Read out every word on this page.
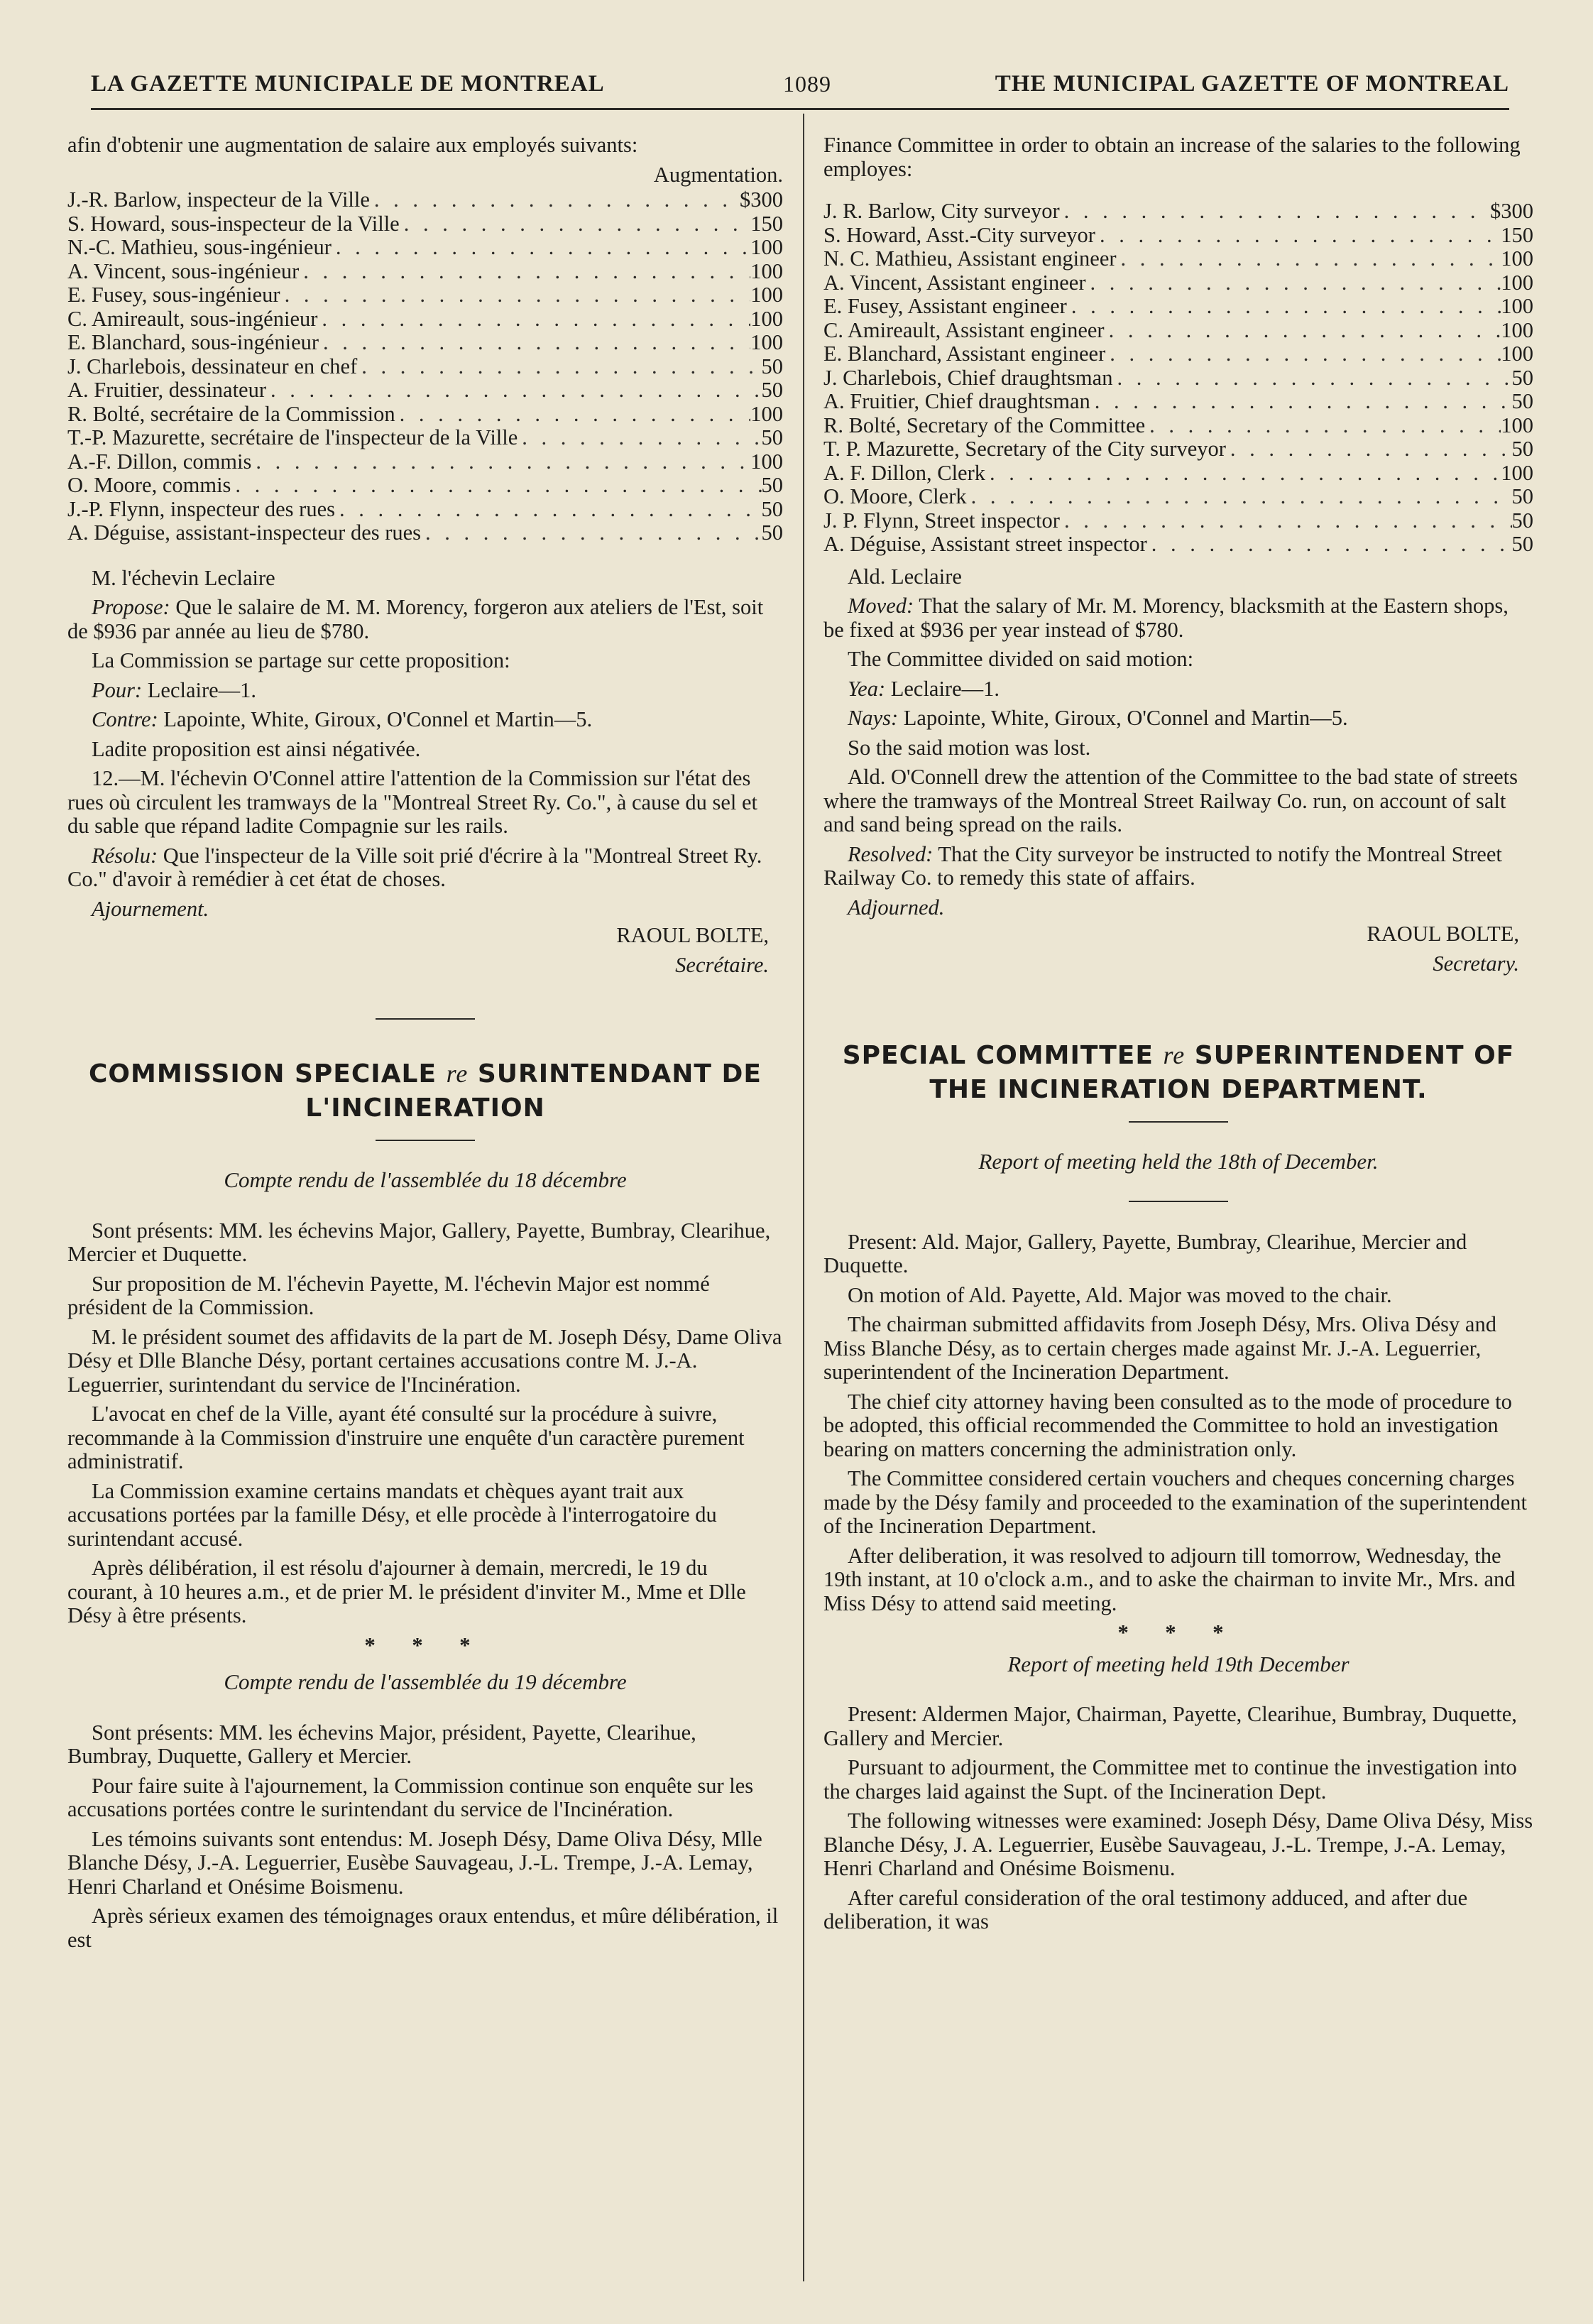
LA GAZETTE MUNICIPALE DE MONTREAL	1089	THE MUNICIPAL GAZETTE OF MONTREAL

afin d'obtenir une augmentation de salaire aux employés suivants:

Augmentation.

J.-R. Barlow, inspecteur de la Ville . . .	$300
S. Howard, sous-inspecteur de la Ville . . .	150
N.-C. Mathieu, sous-ingénieur . . .	100
A. Vincent, sous-ingénieur . . .	100
E. Fusey, sous-ingénieur . . .	100
C. Amireault, sous-ingénieur . . .	100
E. Blanchard, sous-ingénieur . . .	100
J. Charlebois, dessinateur en chef . . .	50
A. Fruitier, dessinateur . . .	50
R. Bolté, secrétaire de la Commission . . .	100
T.-P. Mazurette, secrétaire de l'inspecteur de la Ville . . .	50
A.-F. Dillon, commis . . .	100
O. Moore, commis . . .	50
J.-P. Flynn, inspecteur des rues . . .	50
A. Déguise, assistant-inspecteur des rues . . .	50

M. l'échevin Leclaire

Propose: Que le salaire de M. M. Morency, forgeron aux ateliers de l'Est, soit de $936 par année au lieu de $780.

La Commission se partage sur cette proposition:

Pour: Leclaire—1.

Contre: Lapointe, White, Giroux, O'Connel et Martin—5.

Ladite proposition est ainsi négativée.

12.—M. l'échevin O'Connel attire l'attention de la Commission sur l'état des rues où circulent les tramways de la "Montreal Street Ry. Co.", à cause du sel et du sable que répand ladite Compagnie sur les rails.

Résolu: Que l'inspecteur de la Ville soit prié d'écrire à la "Montreal Street Ry. Co." d'avoir à remédier à cet état de choses.

Ajournement.

RAOUL BOLTE,

Secrétaire.

COMMISSION SPECIALE re SURINTENDANT DE
L'INCINERATION

Compte rendu de l'assemblée du 18 décembre

Sont présents: MM. les échevins Major, Gallery, Payette, Bumbray, Clearihue, Mercier et Duquette.

Sur proposition de M. l'échevin Payette, M. l'échevin Major est nommé président de la Commission.

M. le président soumet des affidavits de la part de M. Joseph Désy, Dame Oliva Désy et Dlle Blanche Désy, portant certaines accusations contre M. J.-A. Leguerrier, surintendant du service de l'Incinération.

L'avocat en chef de la Ville, ayant été consulté sur la procédure à suivre, recommande à la Commission d'instruire une enquête d'un caractère purement administratif.

La Commission examine certains mandats et chèques ayant trait aux accusations portées par la famille Désy, et elle procède à l'interrogatoire du surintendant accusé.

Après délibération, il est résolu d'ajourner à demain, mercredi, le 19 du courant, à 10 heures a.m., et de prier M. le président d'inviter M., Mme et Dlle Désy à être présents.

* * *

Compte rendu de l'assemblée du 19 décembre

Sont présents: MM. les échevins Major, président, Payette, Clearihue, Bumbray, Duquette, Gallery et Mercier.

Pour faire suite à l'ajournement, la Commission continue son enquête sur les accusations portées contre le surintendant du service de l'Incinération.

Les témoins suivants sont entendus: M. Joseph Désy, Dame Oliva Désy, Mlle Blanche Désy, J.-A. Leguerrier, Eusèbe Sauvageau, J.-L. Trempe, J.-A. Lemay, Henri Charland et Onésime Boismenu.

Après sérieux examen des témoignages oraux entendus, et mûre délibération, il est

Finance Committee in order to obtain an increase of the salaries to the following employes:

J. R. Barlow, City surveyor . . .	$300
S. Howard, Asst.-City surveyor . . .	150
N. C. Mathieu, Assistant engineer . . .	100
A. Vincent, Assistant engineer . . .	100
E. Fusey, Assistant engineer . . .	100
C. Amireault, Assistant engineer . . .	100
E. Blanchard, Assistant engineer . . .	100
J. Charlebois, Chief draughtsman . . .	50
A. Fruitier, Chief draughtsman . . .	50
R. Bolté, Secretary of the Committee . . .	100
T. P. Mazurette, Secretary of the City surveyor . . .	50
A. F. Dillon, Clerk . . .	100
O. Moore, Clerk . . .	50
J. P. Flynn, Street inspector . . .	50
A. Déguise, Assistant street inspector . . .	50

Ald. Leclaire

Moved: That the salary of Mr. M. Morency, blacksmith at the Eastern shops, be fixed at $936 per year instead of $780.

The Committee divided on said motion:

Yea: Leclaire—1.

Nays: Lapointe, White, Giroux, O'Connel and Martin—5.

So the said motion was lost.

Ald. O'Connell drew the attention of the Committee to the bad state of streets where the tramways of the Montreal Street Railway Co. run, on account of salt and sand being spread on the rails.

Resolved: That the City surveyor be instructed to notify the Montreal Street Railway Co. to remedy this state of affairs.

Adjourned.

RAOUL BOLTE,

Secretary.

SPECIAL COMMITTEE re SUPERINTENDENT OF
THE INCINERATION DEPARTMENT.

Report of meeting held the 18th of December.

Present: Ald. Major, Gallery, Payette, Bumbray, Clearihue, Mercier and Duquette.

On motion of Ald. Payette, Ald. Major was moved to the chair.

The chairman submitted affidavits from Joseph Désy, Mrs. Oliva Désy and Miss Blanche Désy, as to certain cherges made against Mr. J.-A. Leguerrier, superintendent of the Incineration Department.

The chief city attorney having been consulted as to the mode of procedure to be adopted, this official recommended the Committee to hold an investigation bearing on matters concerning the administration only.

The Committee considered certain vouchers and cheques concerning charges made by the Désy family and proceeded to the examination of the superintendent of the Incineration Department.

After deliberation, it was resolved to adjourn till tomorrow, Wednesday, the 19th instant, at 10 o'clock a.m., and to aske the chairman to invite Mr., Mrs. and Miss Désy to attend said meeting.

* * *

Report of meeting held 19th December

Present: Aldermen Major, Chairman, Payette, Clearihue, Bumbray, Duquette, Gallery and Mercier.

Pursuant to adjourment, the Committee met to continue the investigation into the charges laid against the Supt. of the Incineration Dept.

The following witnesses were examined: Joseph Désy, Dame Oliva Désy, Miss Blanche Désy, J. A. Leguerrier, Eusèbe Sauvageau, J.-L. Trempe, J.-A. Lemay, Henri Charland and Onésime Boismenu.

After careful consideration of the oral testimony adduced, and after due deliberation, it was
